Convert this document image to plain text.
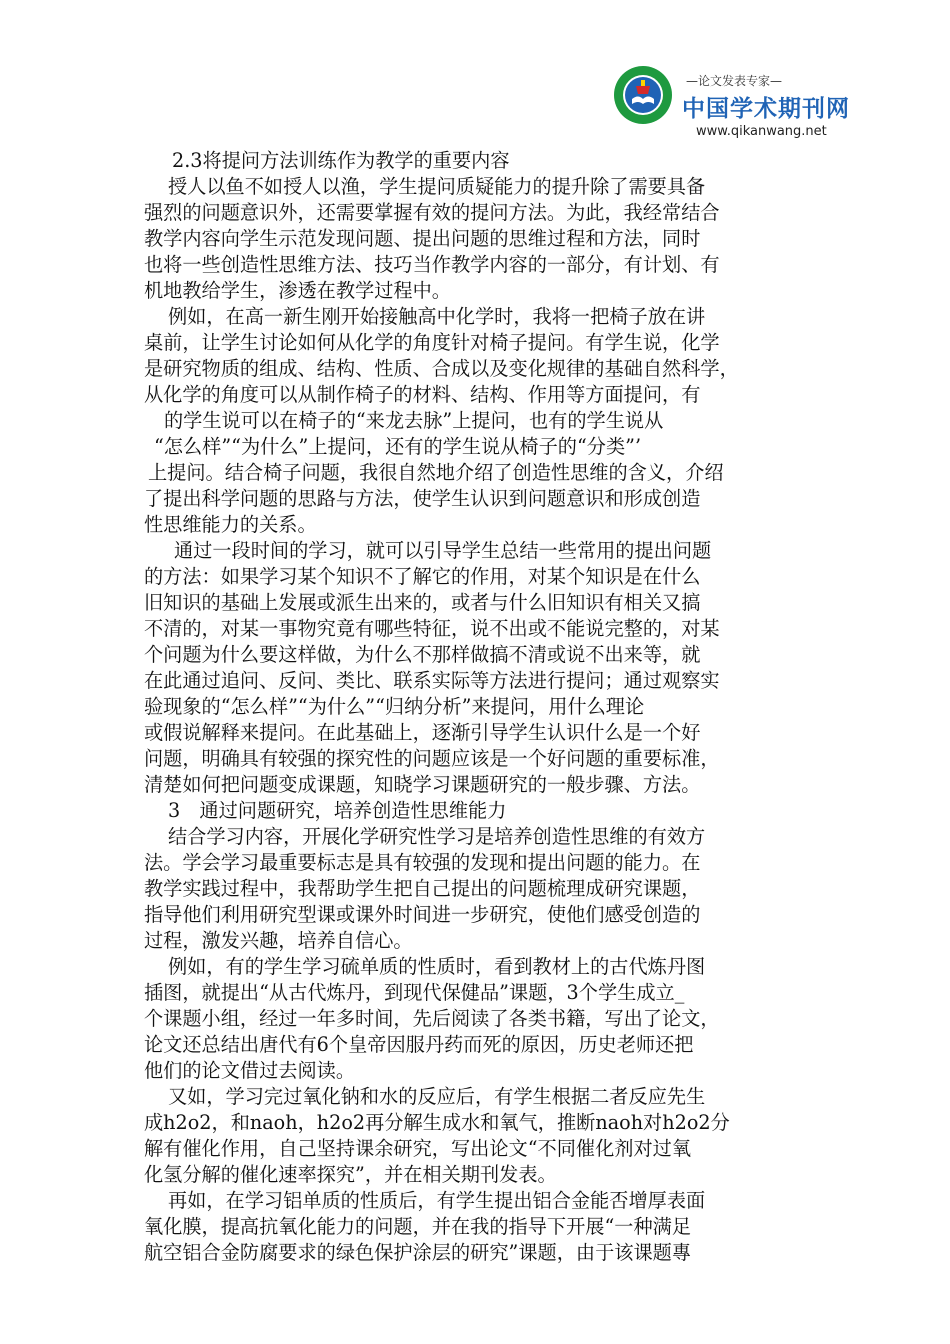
—论文发表专家—
中国学术期刊网
www.qikanwang.net
2.3将提问方法训练作为教学的重要内容
授人以鱼不如授人以渔，学生提问质疑能力的提升除了需要具备
强烈的问题意识外，还需要掌握有效的提问方法。为此，我经常结合
教学内容向学生示范发现问题、提出问题的思维过程和方法，同时
也将一些创造性思维方法、技巧当作教学内容的一部分，有计划、有
机地教给学生，渗透在教学过程中。
例如，在高一新生刚开始接触高中化学时，我将一把椅子放在讲
桌前，让学生讨论如何从化学的角度针对椅子提问。有学生说，化学
是研究物质的组成、结构、性质、合成以及变化规律的基础自然科学，
从化学的角度可以从制作椅子的材料、结构、作用等方面提问，有
的学生说可以在椅子的“来龙去脉”上提问，也有的学生说从
“怎么样”“为什么”上提问，还有的学生说从椅子的“分类”’
上提问。结合椅子问题，我很自然地介绍了创造性思维的含义，介绍
了提出科学问题的思路与方法，使学生认识到问题意识和形成创造
性思维能力的关系。
通过一段时间的学习，就可以引导学生总结一些常用的提出问题
的方法：如果学习某个知识不了解它的作用，对某个知识是在什么
旧知识的基础上发展或派生出来的，或者与什么旧知识有相关又搞
不清的，对某一事物究竟有哪些特征，说不出或不能说完整的，对某
个问题为什么要这样做，为什么不那样做搞不清或说不出来等，就
在此通过追问、反问、类比、联系实际等方法进行提问；通过观察实
验现象的“怎么样”“为什么”“归纳分析”来提问，用什么理论
或假说解释来提问。在此基础上，逐渐引导学生认识什么是一个好
问题，明确具有较强的探究性的问题应该是一个好问题的重要标准，
清楚如何把问题变成课题，知晓学习课题研究的一般步骤、方法。
3　通过问题研究，培养创造性思维能力
结合学习内容，开展化学研究性学习是培养创造性思维的有效方
法。学会学习最重要标志是具有较强的发现和提出问题的能力。在
教学实践过程中，我帮助学生把自己提出的问题梳理成研究课题，
指导他们利用研究型课或课外时间进一步研究，使他们感受创造的
过程，激发兴趣，培养自信心。
例如，有的学生学习硫单质的性质时，看到教材上的古代炼丹图
插图，就提出“从古代炼丹，到现代保健品”课题，3个学生成立_
个课题小组，经过一年多时间，先后阅读了各类书籍，写出了论文，
论文还总结出唐代有6个皇帝因服丹药而死的原因，历史老师还把
他们的论文借过去阅读。
又如，学习完过氧化钠和水的反应后，有学生根据二者反应先生
成h2o2，和naoh，h2o2再分解生成水和氧气，推断naoh对h2o2分
解有催化作用，自己坚持课余研究，写出论文“不同催化剂对过氧
化氢分解的催化速率探究”，并在相关期刊发表。
再如，在学习铝单质的性质后，有学生提出铝合金能否增厚表面
氧化膜，提高抗氧化能力的问题，并在我的指导下开展“一种满足
航空铝合金防腐要求的绿色保护涂层的研究”课题，由于该课题專
